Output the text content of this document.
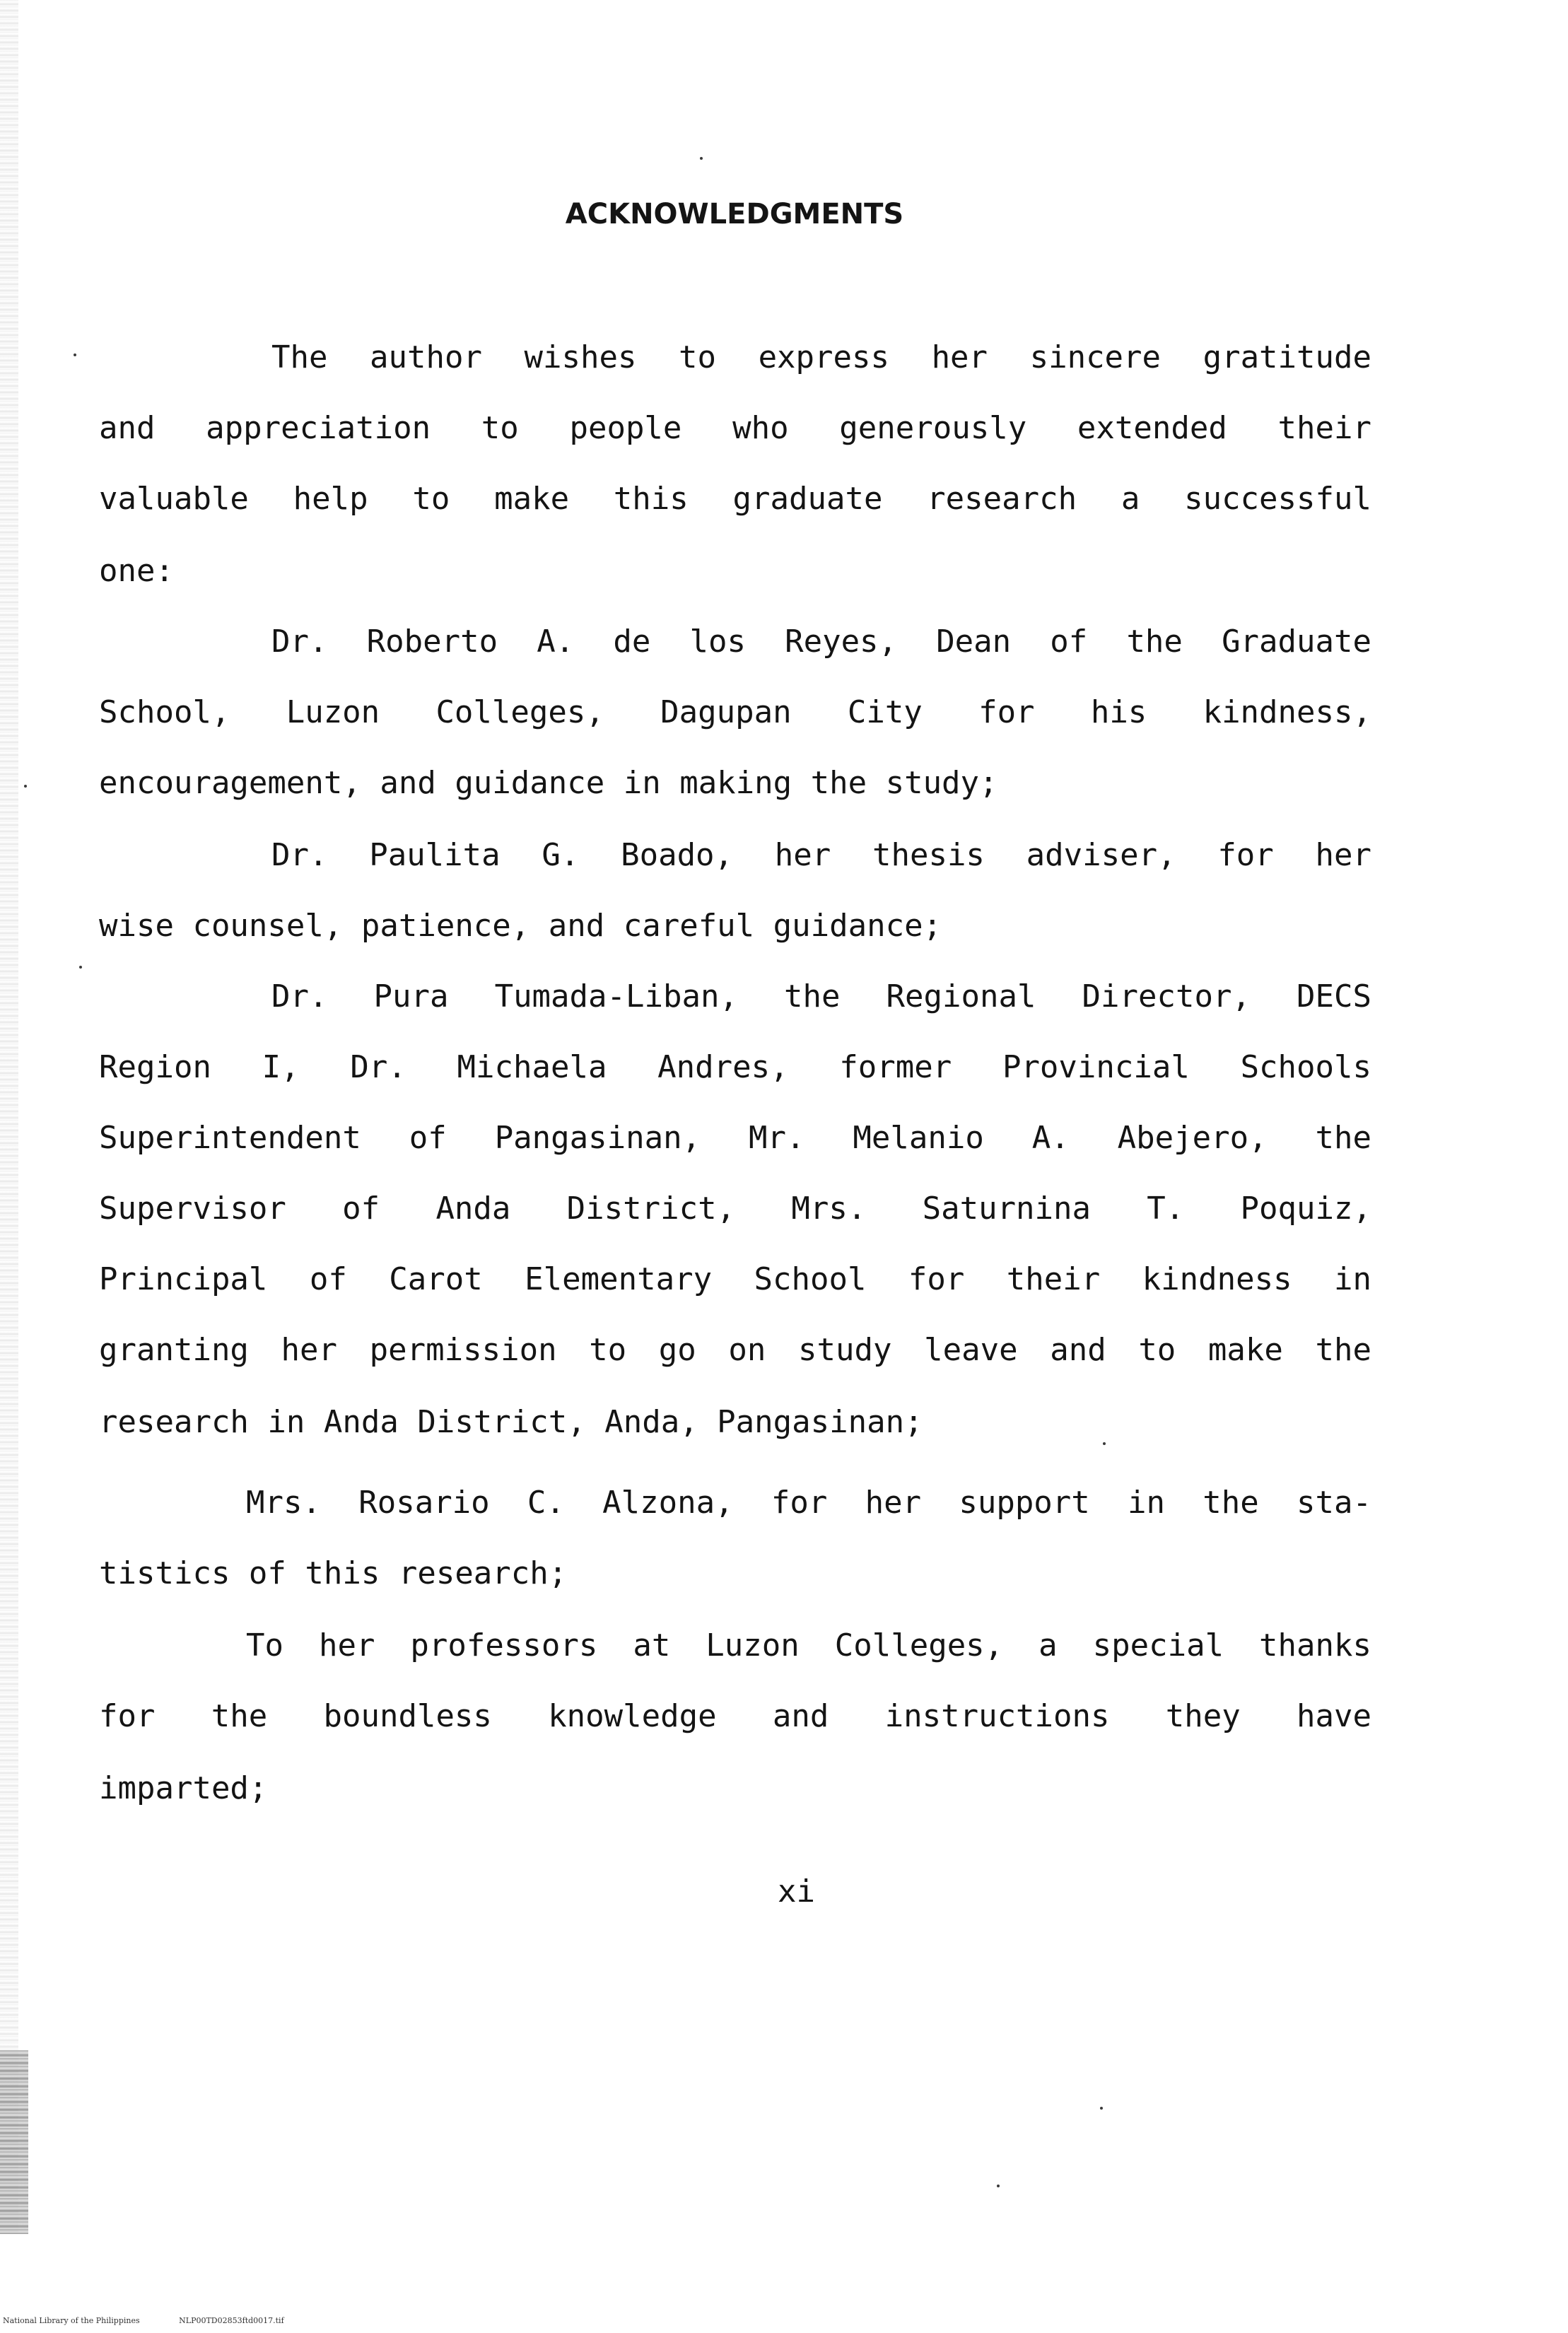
ACKNOWLEDGMENTS
The author wishes to express her sincere gratitude
and appreciation to people who generously extended their
valuable help to make this graduate research a successful
one:
Dr. Roberto A. de los Reyes, Dean of the Graduate
School, Luzon Colleges, Dagupan City for his kindness,
encouragement, and guidance in making the study;
Dr. Paulita G. Boado, her thesis adviser, for her
wise counsel, patience, and careful guidance;
Dr. Pura Tumada-Liban, the Regional Director, DECS
Region I, Dr. Michaela Andres, former Provincial Schools
Superintendent of Pangasinan, Mr. Melanio A. Abejero, the
Supervisor of Anda District, Mrs. Saturnina T. Poquiz,
Principal of Carot Elementary School for their kindness in
granting her permission to go on study leave and to make the
research in Anda District, Anda, Pangasinan;
Mrs. Rosario C. Alzona, for her support in the sta-
tistics of this research;
To her professors at Luzon Colleges, a special thanks
for the boundless knowledge and instructions they have
imparted;
xi
National Library of the Philippines	NLP00TD02853ftd0017.tif
